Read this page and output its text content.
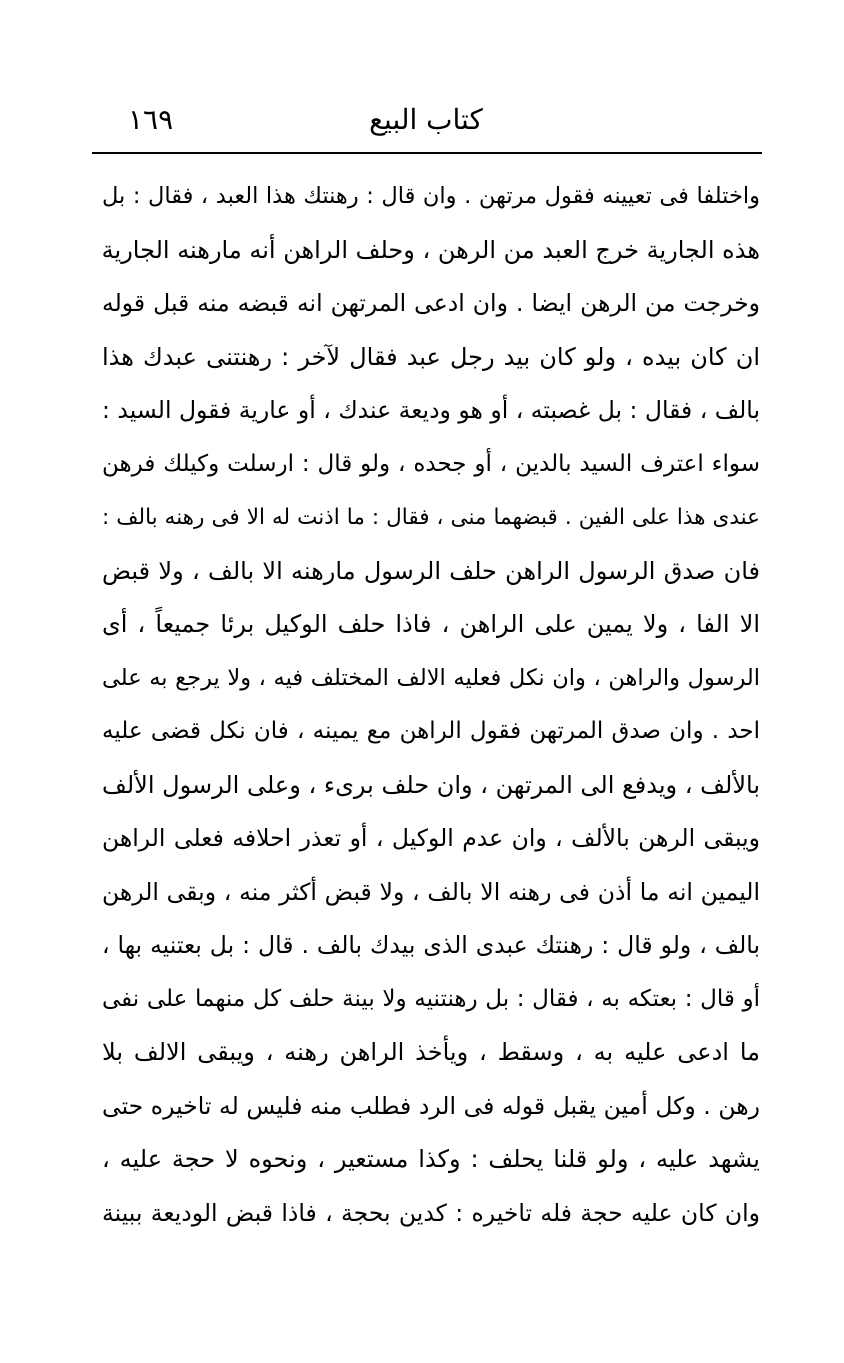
كتاب البيع
١٦٩
واختلفا فى تعيينه فقول مرتهن . وان قال : رهنتك هذا العبد ، فقال : بل
هذه الجارية خرج العبد من الرهن ، وحلف الراهن أنه مارهنه الجارية
وخرجت من الرهن ايضا . وان ادعى المرتهن انه قبضه منه قبل قوله
ان كان بيده ، ولو كان بيد رجل عبد فقال لآخر : رهنتنى عبدك هذا
بالف ، فقال : بل غصبته ، أو هو وديعة عندك ، أو عارية فقول السيد :
سواء اعترف السيد بالدين ، أو جحده ، ولو قال : ارسلت وكيلك فرهن
عندى هذا على الفين . قبضهما منى ، فقال : ما اذنت له الا فى رهنه بالف :
فان صدق الرسول الراهن حلف الرسول مارهنه الا بالف ، ولا قبض
الا الفا ، ولا يمين على الراهن ، فاذا حلف الوكيل برئا جميعاً ، أى
الرسول والراهن ، وان نكل فعليه الالف المختلف فيه ، ولا يرجع به على
احد . وان صدق المرتهن فقول الراهن مع يمينه ، فان نكل قضى عليه
بالألف ، ويدفع الى المرتهن ، وان حلف برىء ، وعلى الرسول الألف
ويبقى الرهن بالألف ، وان عدم الوكيل ، أو تعذر احلافه فعلى الراهن
اليمين انه ما أذن فى رهنه الا بالف ، ولا قبض أكثر منه ، وبقى الرهن
بالف ، ولو قال : رهنتك عبدى الذى بيدك بالف . قال : بل بعتنيه بها ،
أو قال : بعتكه به ، فقال : بل رهنتنيه ولا بينة حلف كل منهما على نفى
ما ادعى عليه به ، وسقط ، ويأخذ الراهن رهنه ، ويبقى الالف بلا
رهن . وكل أمين يقبل قوله فى الرد فطلب منه فليس له تاخيره حتى
يشهد عليه ، ولو قلنا يحلف : وكذا مستعير ، ونحوه لا حجة عليه ،
وان كان عليه حجة فله تاخيره : كدين بحجة ، فاذا قبض الوديعة ببينة
